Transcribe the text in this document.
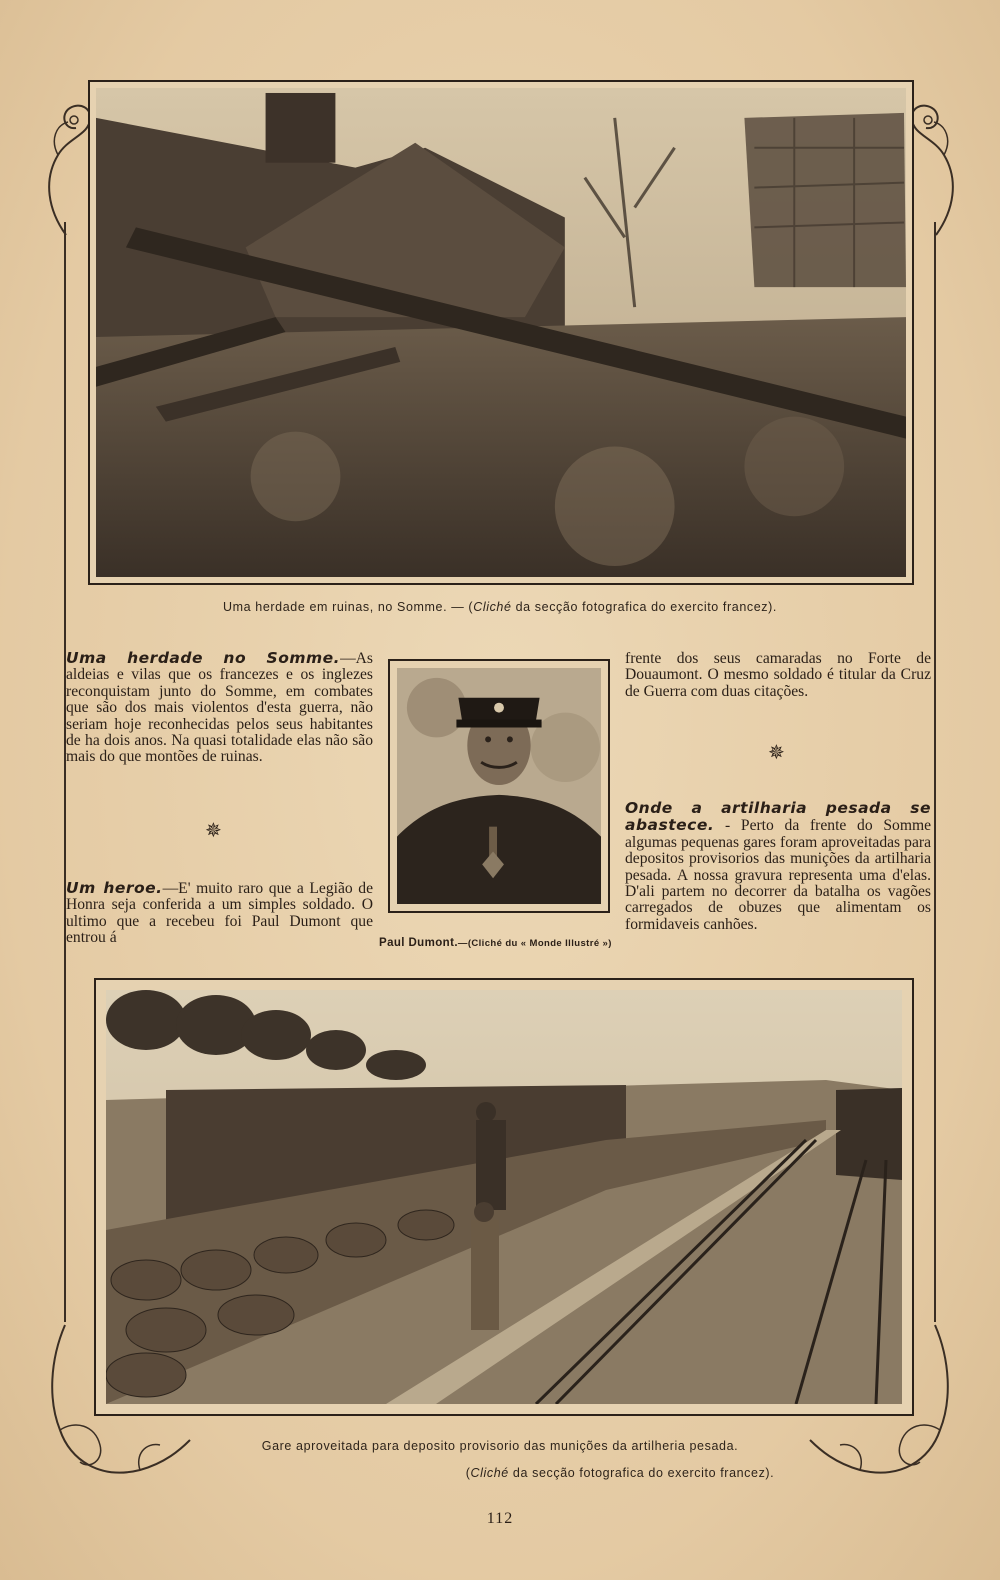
Uma herdade em ruinas, no Somme. — (Cliché da secção fotografica do exercito francez).

Uma herdade no Somme.—As aldeias e vilas que os francezes e os inglezes reconquistam junto do Somme, em combates que são dos mais violentos d'esta guerra, não seriam hoje reconhecidas pelos seus habitantes de ha dois anos. Na quasi totalidade elas não são mais do que montões de ruinas.

✵

Um heroe.—E' muito raro que a Legião de Honra seja conferida a um simples soldado. O ultimo que a recebeu foi Paul Dumont que entrou á	Paul Dumont.—(Cliché du « Monde Illustré »)

frente dos seus camaradas no Forte de Douaumont. O mesmo soldado é titular da Cruz de Guerra com duas citações.

✵

Onde a artilharia pesada se abastece. - Perto da frente do Somme algumas pequenas gares foram aproveitadas para depositos provisorios das munições da artilharia pesada. A nossa gravura representa uma d'elas. D'ali partem no decorrer da batalha os vagões carregados de obuzes que alimentam os formidaveis canhões.

Gare aproveitada para deposito provisorio das munições da artilheria pesada.
(Cliché da secção fotografica do exercito francez).
112
